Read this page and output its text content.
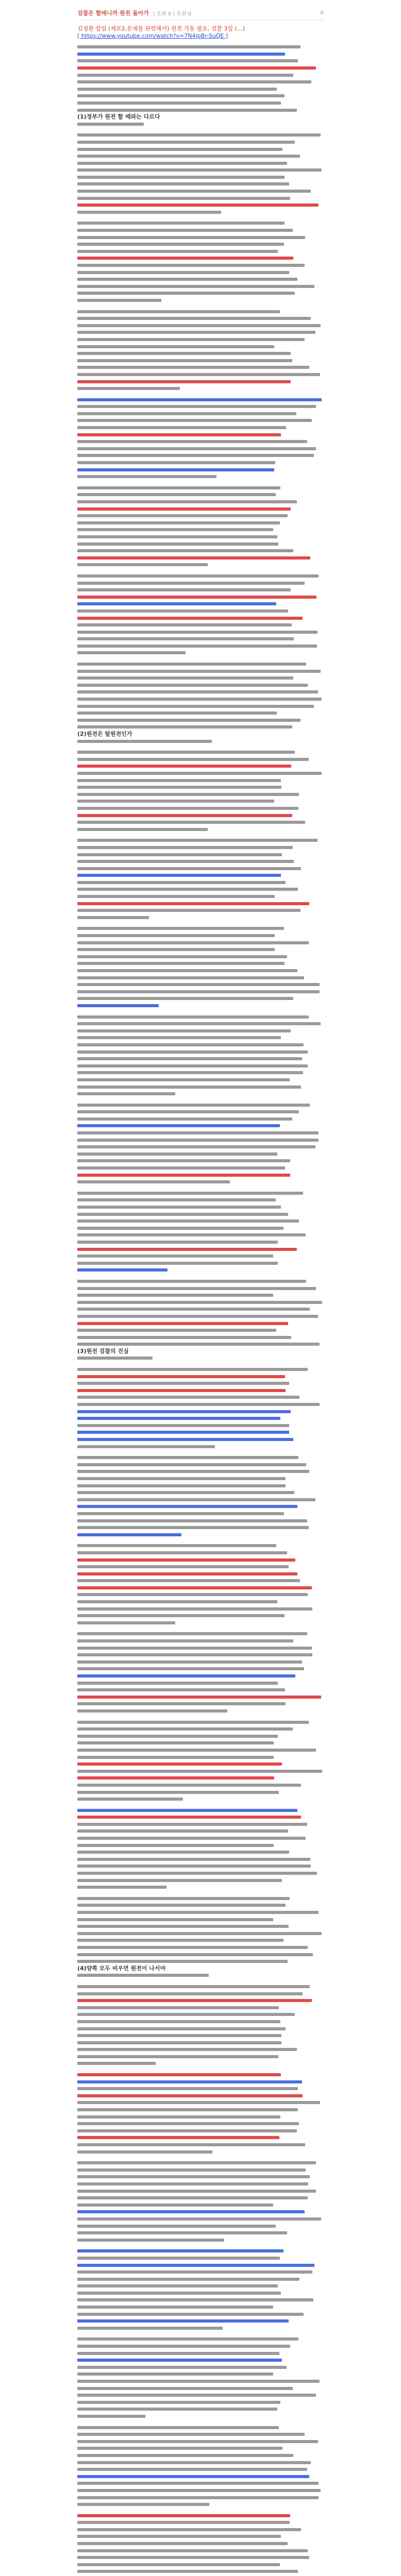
검찰은 할테니까 원전 돌아가 | 조회 0 | 추천 0	0

김정환 칼럼 (제보2,문제를 관련해서) 원전 가동 필요, 검찰 3일 (…)

[ https://www.youtube.com/watch?v=7N4ipBr-SuQE ]

(1)정부가 원전 할 때와는 다르다

(2)원전은 탈원전인가

(3)원전 검찰의 진실

(4)양쪽 모두 비우면 원전이 나서야
